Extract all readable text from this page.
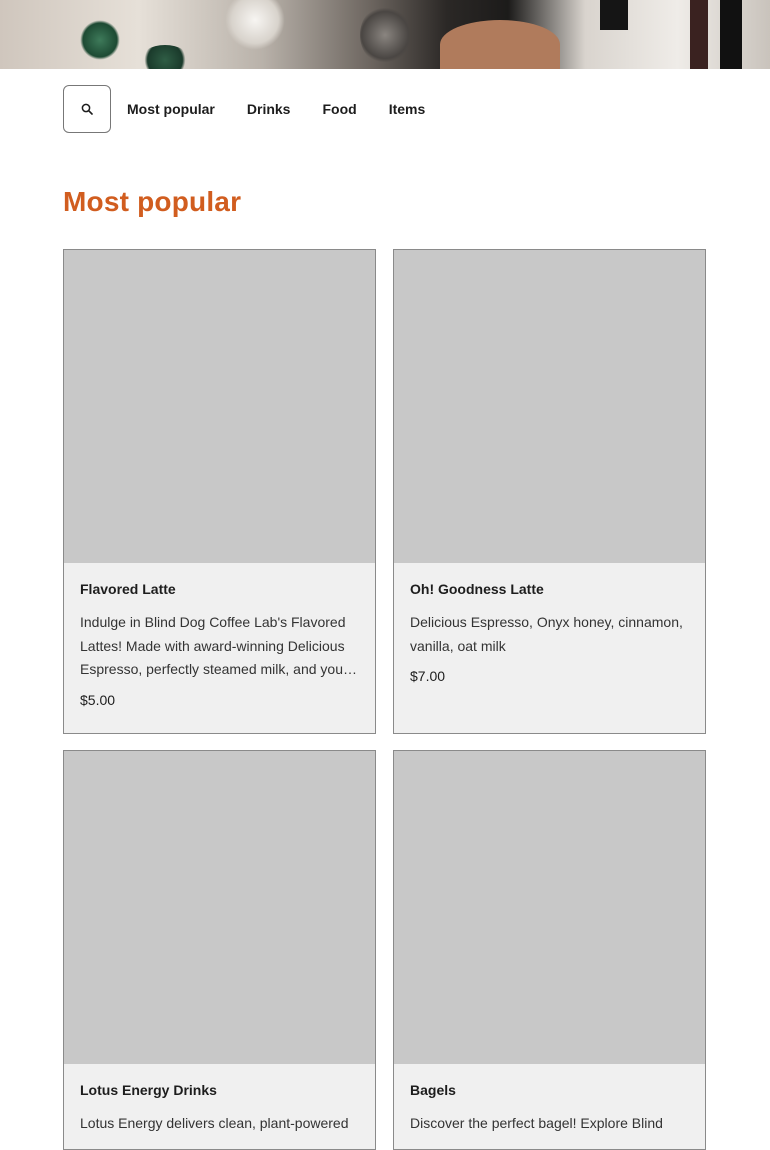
Most popular Drinks Food Items
Most popular

Flavored Latte

Indulge in Blind Dog Coffee Lab's Flavored Lattes! Made with award-winning Delicious Espresso, perfectly steamed milk, and your

$5.00

Oh! Goodness Latte

Delicious Espresso, Onyx honey, cinnamon, vanilla, oat milk

$7.00

Lotus Energy Drinks

Lotus Energy delivers clean, plant-powered

Bagels

Discover the perfect bagel! Explore Blind
